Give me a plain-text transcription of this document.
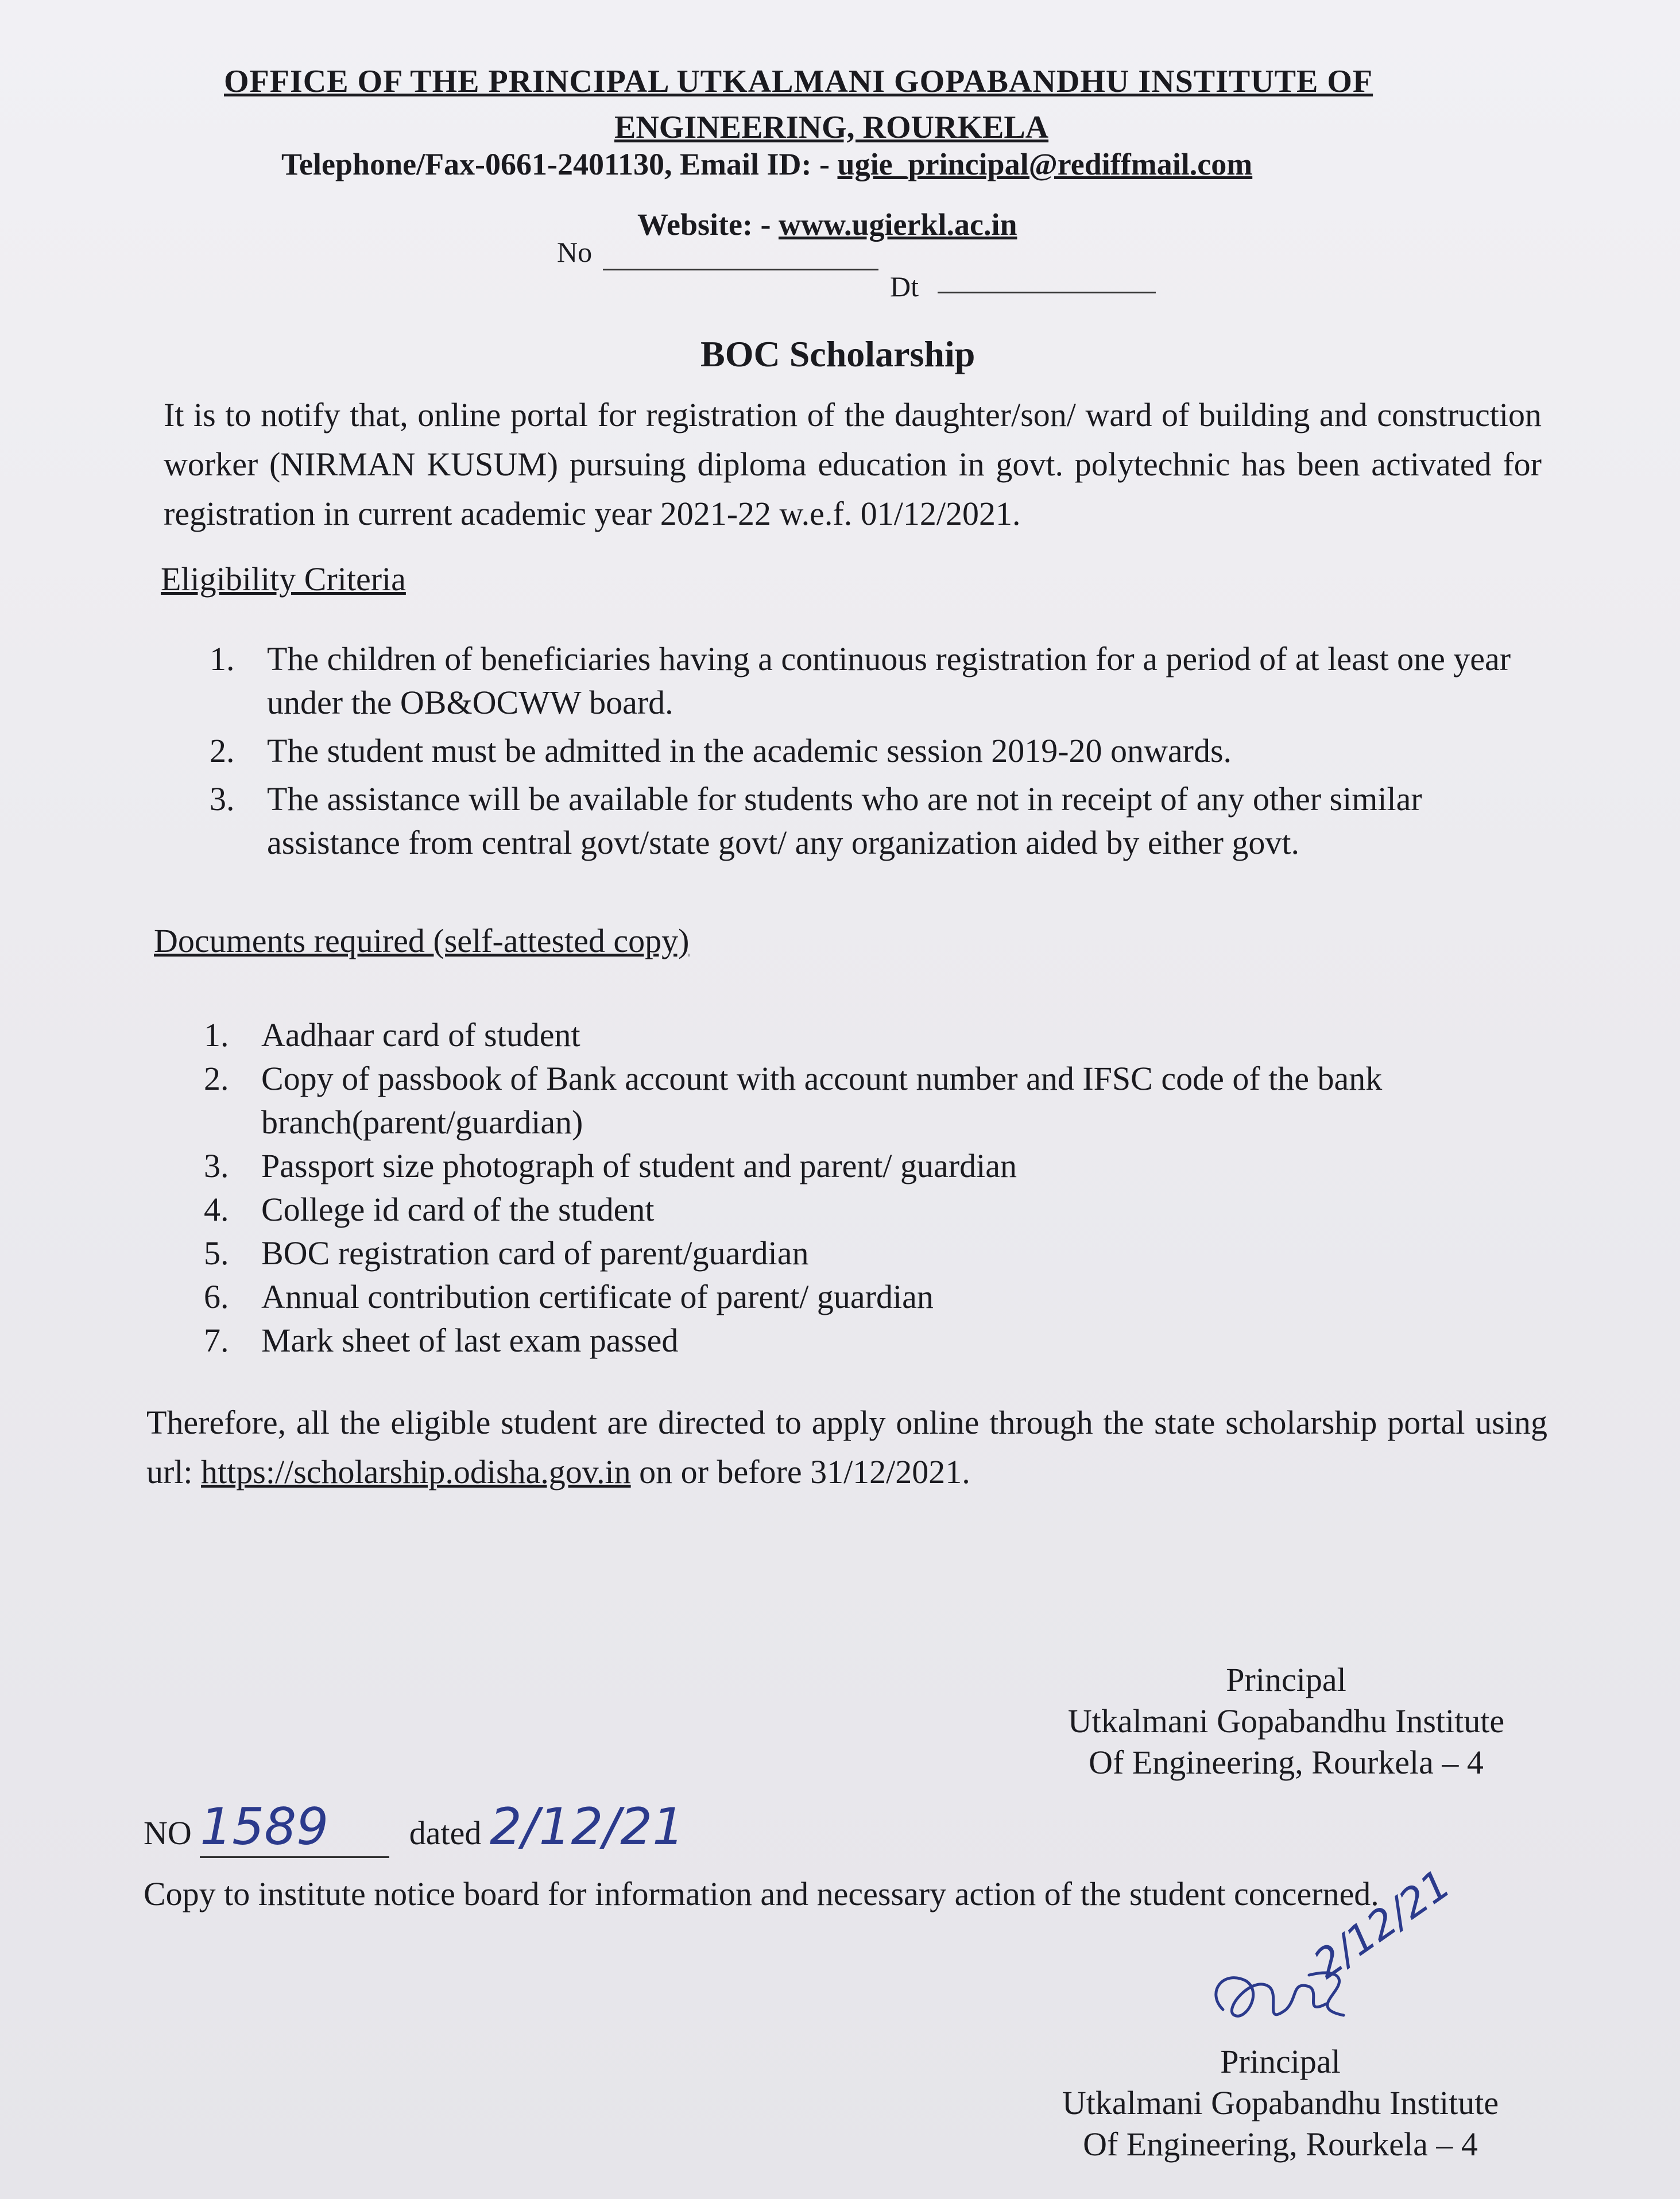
OFFICE OF THE PRINCIPAL UTKALMANI GOPABANDHU INSTITUTE OF
ENGINEERING, ROURKELA
Telephone/Fax-0661-2401130, Email ID: - ugie_principal@rediffmail.com
Website: - www.ugierkl.ac.in
No
Dt
BOC Scholarship
It is to notify that, online portal for registration of the daughter/son/ ward of building and construction worker (NIRMAN KUSUM) pursuing diploma education in govt. polytechnic has been activated for registration in current academic year 2021-22 w.e.f. 01/12/2021.
Eligibility Criteria
1. The children of beneficiaries having a continuous registration for a period of at least one year under the OB&OCWW board.
2. The student must be admitted in the academic session 2019-20 onwards.
3. The assistance will be available for students who are not in receipt of any other similar assistance from central govt/state govt/ any organization aided by either govt.
Documents required (self-attested copy)
1. Aadhaar card of student
2. Copy of passbook of Bank account with account number and IFSC code of the bank branch(parent/guardian)
3. Passport size photograph of student and parent/ guardian
4. College id card of the student
5. BOC registration card of parent/guardian
6. Annual contribution certificate of parent/ guardian
7. Mark sheet of last exam passed
Therefore, all the eligible student are directed to apply online through the state scholarship portal using url: https://scholarship.odisha.gov.in on or before 31/12/2021.
Principal
Utkalmani Gopabandhu Institute
Of Engineering, Rourkela – 4
NO 1589 dated 2/12/21
Copy to institute notice board for information and necessary action of the student concerned.
2/12/21
Principal
Utkalmani Gopabandhu Institute
Of Engineering, Rourkela – 4
